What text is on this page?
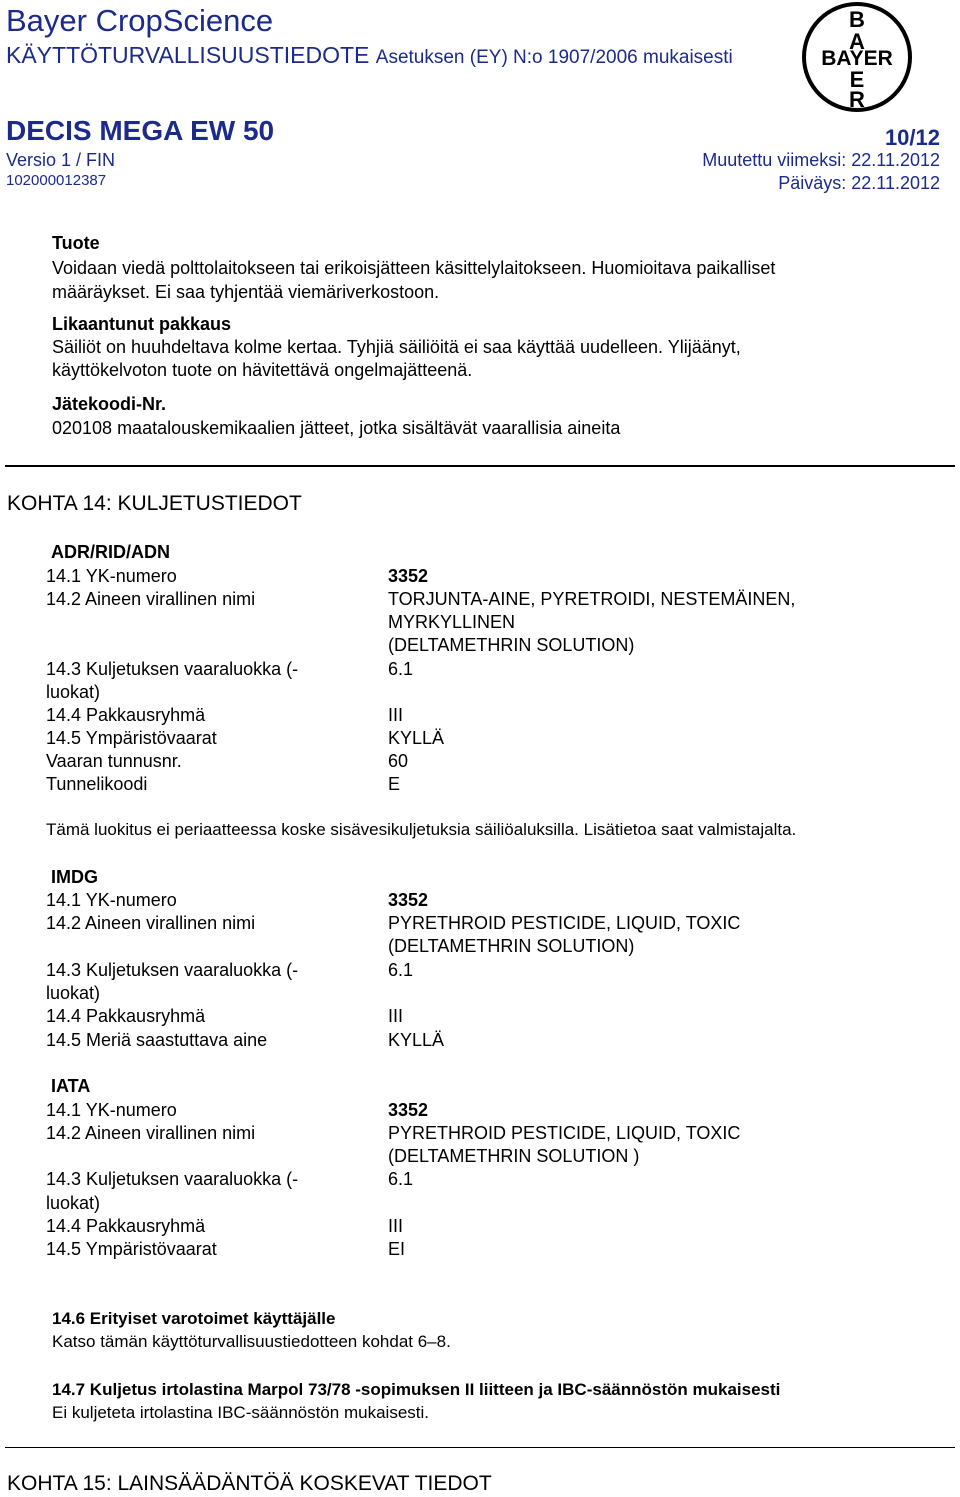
Bayer CropScience
KÄYTTÖTURVALLISUUSTIEDOTE Asetuksen (EY) N:o 1907/2006 mukaisesti
B
A
BAYER
E
R
DECIS MEGA EW 50	10/12
Versio 1 / FIN	Muutettu viimeksi: 22.11.2012
102000012387	Päiväys: 22.11.2012
Tuote
Voidaan viedä polttolaitokseen tai erikoisjätteen käsittelylaitokseen. Huomioitava paikalliset
määräykset. Ei saa tyhjentää viemäriverkostoon.
Likaantunut pakkaus
Säiliöt on huuhdeltava kolme kertaa. Tyhjiä säiliöitä ei saa käyttää uudelleen. Ylijäänyt,
käyttökelvoton tuote on hävitettävä ongelmajätteenä.
Jätekoodi-Nr.
020108 maatalouskemikaalien jätteet, jotka sisältävät vaarallisia aineita
KOHTA 14: KULJETUSTIEDOT
ADR/RID/ADN
14.1 YK-numero	3352
14.2 Aineen virallinen nimi	TORJUNTA-AINE, PYRETROIDI, NESTEMÄINEN,
MYRKYLLINEN
(DELTAMETHRIN SOLUTION)
14.3 Kuljetuksen vaaraluokka (-	6.1
luokat)
14.4 Pakkausryhmä	III
14.5 Ympäristövaarat	KYLLÄ
Vaaran tunnusnr.	60
Tunnelikoodi	E
Tämä luokitus ei periaatteessa koske sisävesikuljetuksia säiliöaluksilla. Lisätietoa saat valmistajalta.
IMDG
14.1 YK-numero	3352
14.2 Aineen virallinen nimi	PYRETHROID PESTICIDE, LIQUID, TOXIC
(DELTAMETHRIN SOLUTION)
14.3 Kuljetuksen vaaraluokka (-	6.1
luokat)
14.4 Pakkausryhmä	III
14.5 Meriä saastuttava aine	KYLLÄ
IATA
14.1 YK-numero	3352
14.2 Aineen virallinen nimi	PYRETHROID PESTICIDE, LIQUID, TOXIC
(DELTAMETHRIN SOLUTION )
14.3 Kuljetuksen vaaraluokka (-	6.1
luokat)
14.4 Pakkausryhmä	III
14.5 Ympäristövaarat	EI
14.6 Erityiset varotoimet käyttäjälle
Katso tämän käyttöturvallisuustiedotteen kohdat 6–8.
14.7 Kuljetus irtolastina Marpol 73/78 -sopimuksen II liitteen ja IBC-säännöstön mukaisesti
Ei kuljeteta irtolastina IBC-säännöstön mukaisesti.
KOHTA 15: LAINSÄÄDÄNTÖÄ KOSKEVAT TIEDOT
